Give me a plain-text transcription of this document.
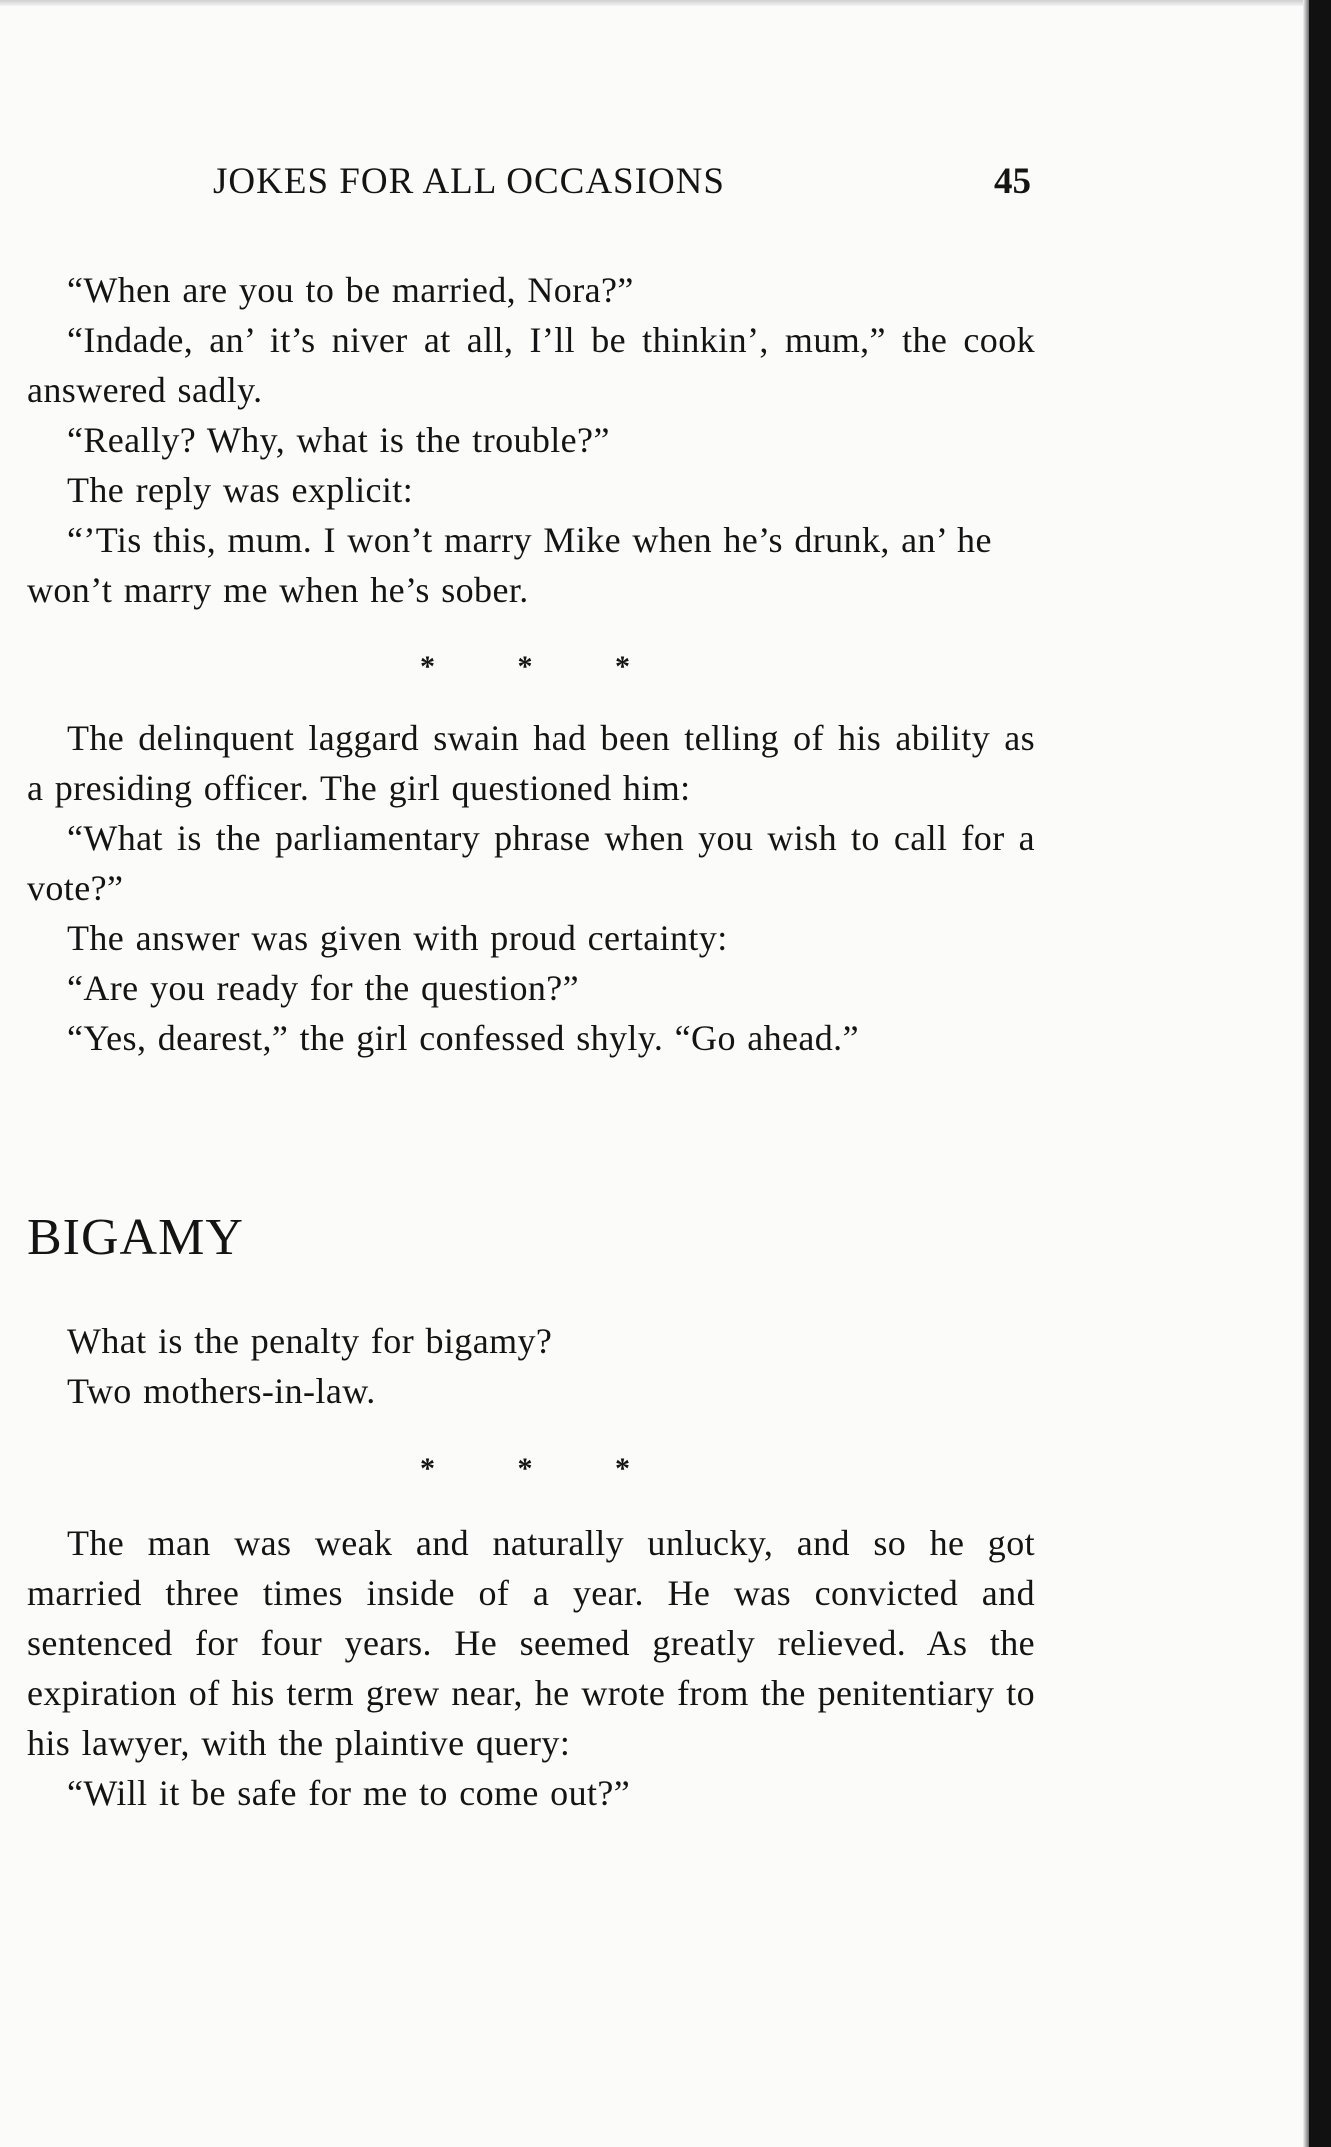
JOKES FOR ALL OCCASIONS	45

“When are you to be married, Nora?”

“Indade, an’ it’s niver at all, I’ll be thinkin’, mum,” the cook answered sadly.

“Really? Why, what is the trouble?”

The reply was explicit:

“’Tis this, mum. I won’t marry Mike when he’s drunk, an’ he won’t marry me when he’s sober.

*	*	*

The delinquent laggard swain had been telling of his ability as a presiding officer. The girl questioned him:

“What is the parliamentary phrase when you wish to call for a vote?”

The answer was given with proud certainty:

“Are you ready for the question?”

“Yes, dearest,” the girl confessed shyly. “Go ahead.”

BIGAMY

What is the penalty for bigamy?

Two mothers-in-law.

*	*	*

The man was weak and naturally unlucky, and so he got married three times inside of a year. He was convicted and sentenced for four years. He seemed greatly relieved. As the expiration of his term grew near, he wrote from the penitentiary to his lawyer, with the plaintive query:

“Will it be safe for me to come out?”
